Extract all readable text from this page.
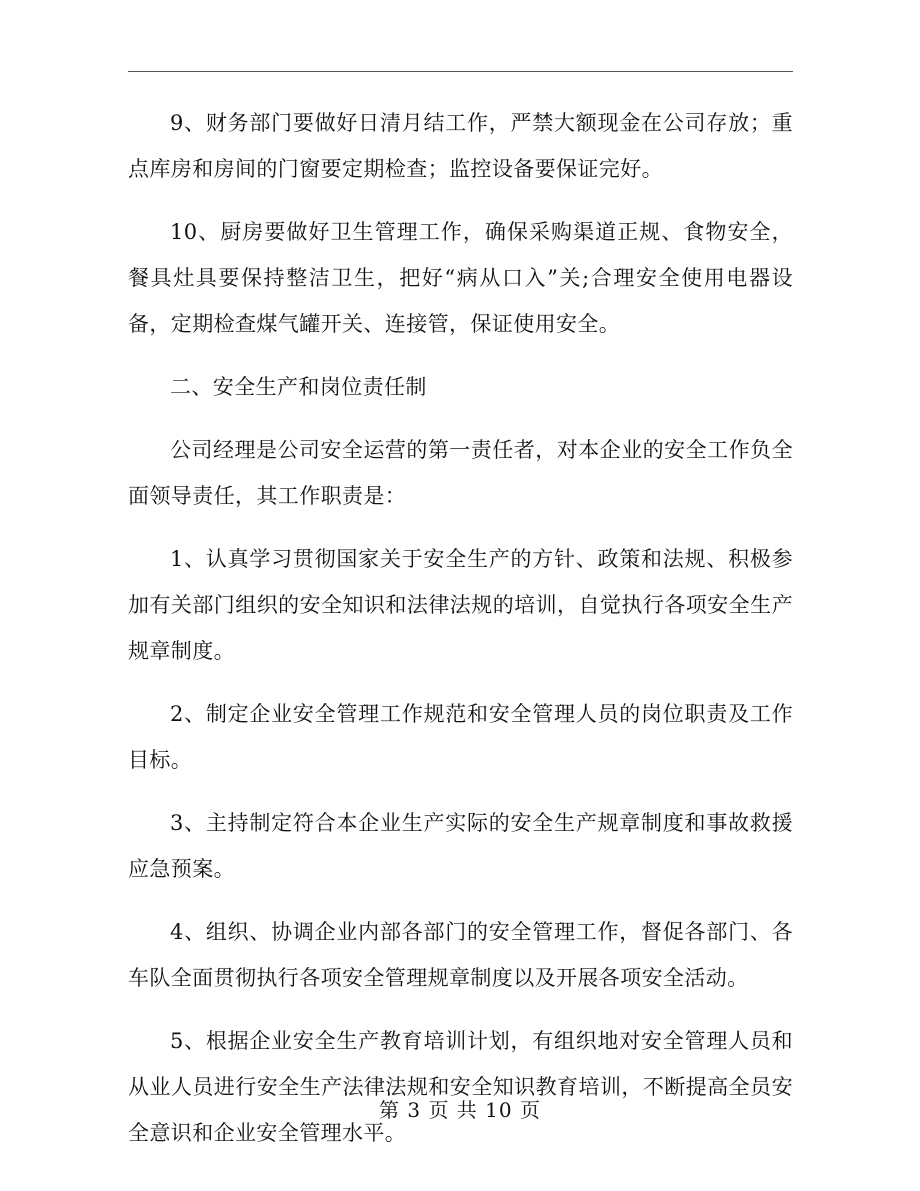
9、财务部门要做好日清月结工作，严禁大额现金在公司存放；重点库房和房间的门窗要定期检查；监控设备要保证完好。

10、厨房要做好卫生管理工作，确保采购渠道正规、食物安全，餐具灶具要保持整洁卫生，把好“病从口入”关;合理安全使用电器设备，定期检查煤气罐开关、连接管，保证使用安全。

二、安全生产和岗位责任制

公司经理是公司安全运营的第一责任者，对本企业的安全工作负全面领导责任，其工作职责是：

1、认真学习贯彻国家关于安全生产的方针、政策和法规、积极参加有关部门组织的安全知识和法律法规的培训，自觉执行各项安全生产规章制度。

2、制定企业安全管理工作规范和安全管理人员的岗位职责及工作目标。

3、主持制定符合本企业生产实际的安全生产规章制度和事故救援应急预案。

4、组织、协调企业内部各部门的安全管理工作，督促各部门、各车队全面贯彻执行各项安全管理规章制度以及开展各项安全活动。

5、根据企业安全生产教育培训计划，有组织地对安全管理人员和从业人员进行安全生产法律法规和安全知识教育培训，不断提高全员安全意识和企业安全管理水平。

第 3 页 共 10 页
